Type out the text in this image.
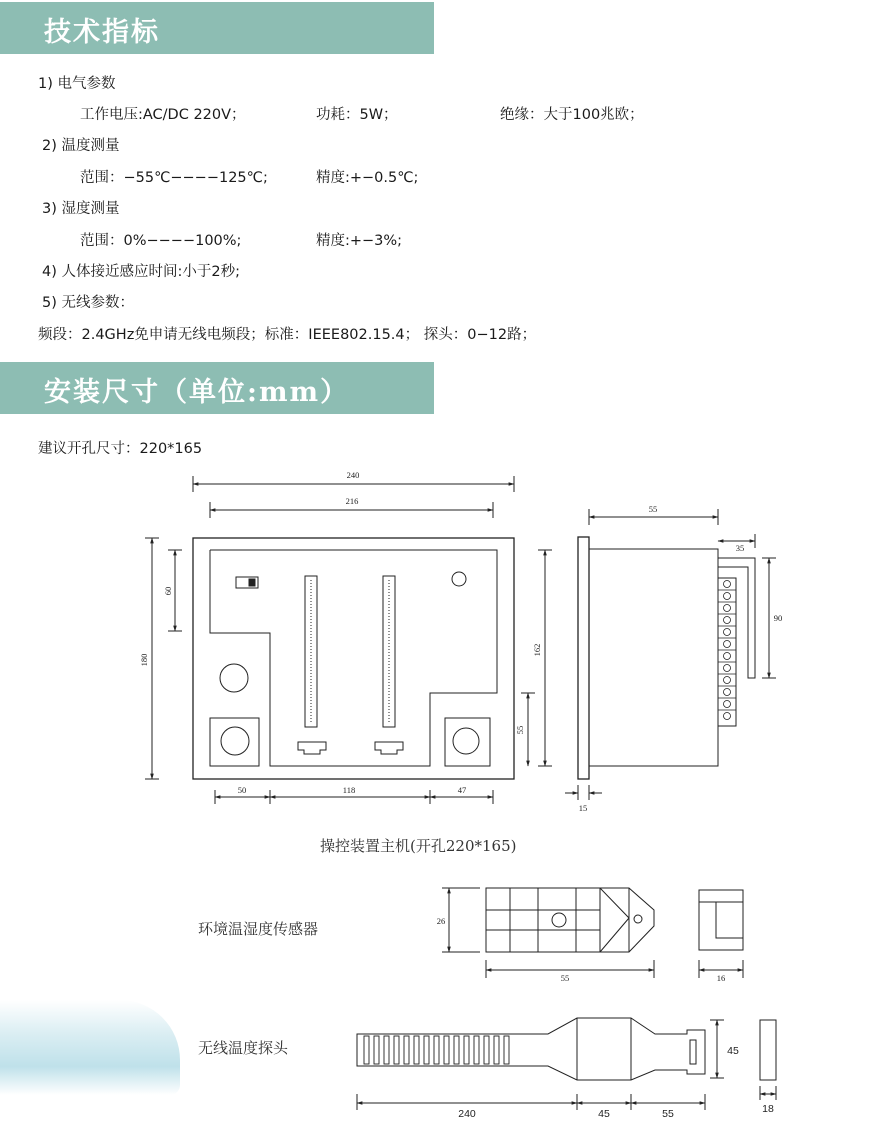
技术指标
1) 电气参数
工作电压:AC/DC 220V；	功耗：5W；	绝缘：大于100兆欧；
2) 温度测量
范围：−55℃−−−−125℃;	精度:+−0.5℃;
3) 湿度测量
范围：0%−−−−100%;	精度:+−3%;
4) 人体接近感应时间:小于2秒;
5) 无线参数：
频段：2.4GHz免申请无线电频段；标准：IEEE802.15.4； 探头：0−12路；
安装尺寸（单位:mm）
建议开孔尺寸：220*165
240
216
60
180
162
55
50	118	47
55
35
90
15
26
55	16
45
240	45	55	18
操控装置主机(开孔220*165)
环境温湿度传感器
无线温度探头
